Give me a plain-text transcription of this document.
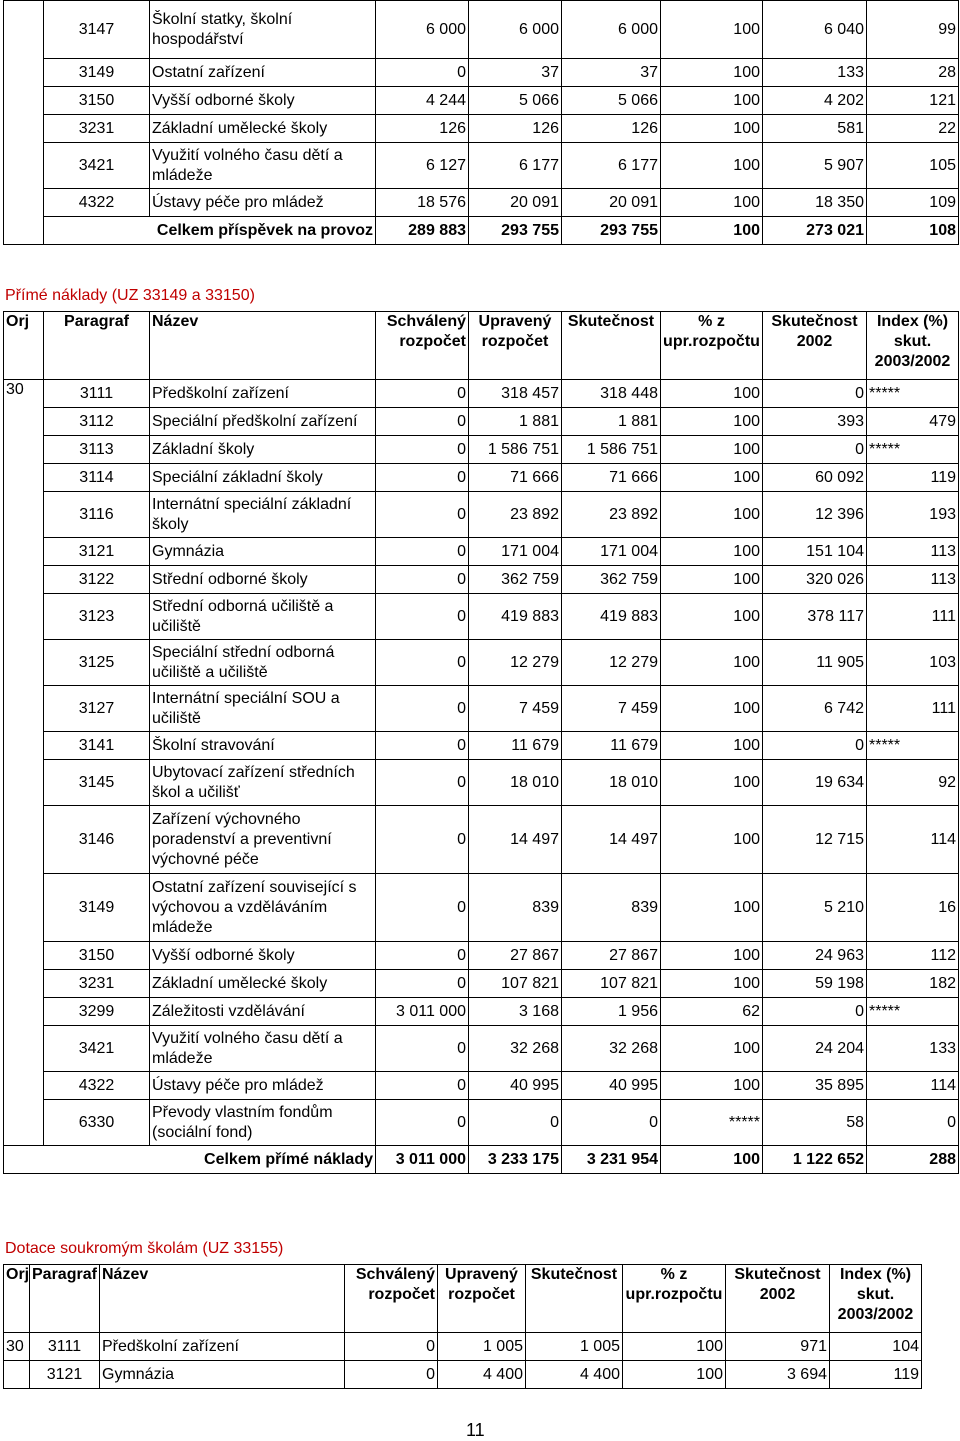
	3147	Školní statky, školní hospodářství	6 000	6 000	6 000	100	6 040	99
	3149	Ostatní zařízení	0	37	37	100	133	28
	3150	Vyšší odborné školy	4 244	5 066	5 066	100	4 202	121
	3231	Základní umělecké školy	126	126	126	100	581	22
	3421	Využití volného času dětí a mládeže	6 127	6 177	6 177	100	5 907	105
	4322	Ústavy péče pro mládež	18 576	20 091	20 091	100	18 350	109
	Celkem příspěvek na provoz		289 883	293 755	293 755	100	273 021	108
Přímé náklady (UZ 33149 a 33150)
Orj	Paragraf	Název	Schválený rozpočet	Upravený rozpočet	Skutečnost	% z upr.rozpočtu	Skutečnost 2002	Index (%) skut. 2003/2002
30	3111	Předškolní zařízení	0	318 457	318 448	100	0	*****
	3112	Speciální předškolní zařízení	0	1 881	1 881	100	393	479
	3113	Základní školy	0	1 586 751	1 586 751	100	0	*****
	3114	Speciální základní školy	0	71 666	71 666	100	60 092	119
	3116	Internátní speciální základní školy	0	23 892	23 892	100	12 396	193
	3121	Gymnázia	0	171 004	171 004	100	151 104	113
	3122	Střední odborné školy	0	362 759	362 759	100	320 026	113
	3123	Střední odborná učiliště a učiliště	0	419 883	419 883	100	378 117	111
	3125	Speciální střední odborná učiliště a učiliště	0	12 279	12 279	100	11 905	103
	3127	Internátní speciální SOU a učiliště	0	7 459	7 459	100	6 742	111
	3141	Školní stravování	0	11 679	11 679	100	0	*****
	3145	Ubytovací zařízení středních škol a učilišť	0	18 010	18 010	100	19 634	92
	3146	Zařízení výchovného poradenství a preventivní výchovné péče	0	14 497	14 497	100	12 715	114
	3149	Ostatní zařízení související s výchovou a vzděláváním mládeže	0	839	839	100	5 210	16
	3150	Vyšší odborné školy	0	27 867	27 867	100	24 963	112
	3231	Základní umělecké školy	0	107 821	107 821	100	59 198	182
	3299	Záležitosti vzdělávání	3 011 000	3 168	1 956	62	0	*****
	3421	Využití volného času dětí a mládeže	0	32 268	32 268	100	24 204	133
	4322	Ústavy péče pro mládež	0	40 995	40 995	100	35 895	114
	6330	Převody vlastním fondům (sociální fond)	0	0	0	*****	58	0
Celkem přímé náklady			3 011 000	3 233 175	3 231 954	100	1 122 652	288
Dotace soukromým školám (UZ 33155)
Orj	Paragraf	Název	Schválený rozpočet	Upravený rozpočet	Skutečnost	% z upr.rozpočtu	Skutečnost 2002	Index (%) skut. 2003/2002
30	3111	Předškolní zařízení	0	1 005	1 005	100	971	104
	3121	Gymnázia	0	4 400	4 400	100	3 694	119
11
